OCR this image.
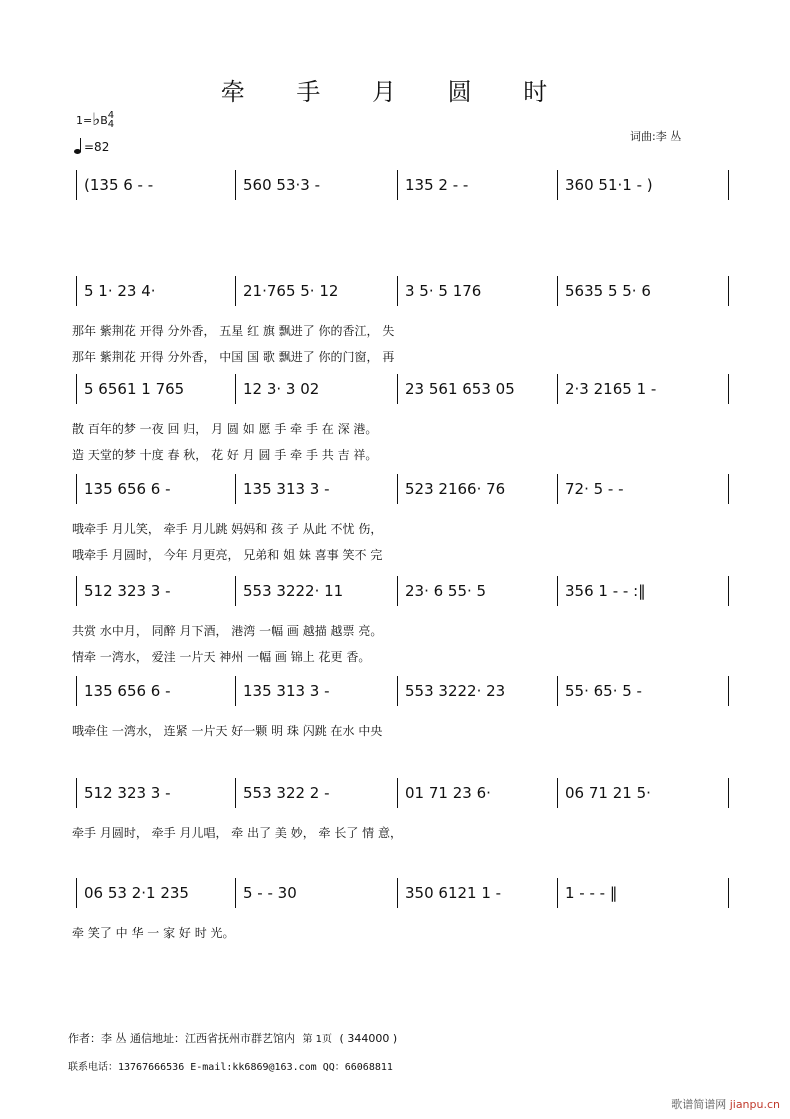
牵 手 月 圆 时
1=♭B4
4
=82
词曲:李 丛
(135 6 - -	560 53·3 -	135 2 - -	360 51·1 - )
5 1· 23 4·	21·765 5· 12	3 5· 5 176	5635 5 5· 6
那年 紫荆花 开得 分外香， 五星 红 旗 飘进了 你的香江， 失
那年 紫荆花 开得 分外香， 中国 国 歌 飘进了 你的门窗， 再
5 6561 1 765	12 3· 3 02	23 561 653 05	2·3 2165 1 -
散 百年的梦 一夜 回 归， 月 圆 如 愿 手 牵 手 在 深 港。
造 天堂的梦 十度 春 秋， 花 好 月 圆 手 牵 手 共 吉 祥。
135 656 6 -	135 313 3 -	523 2166· 76	72· 5 - -
哦牵手 月儿笑， 牵手 月儿跳 妈妈和 孩 子 从此 不忧 伤，
哦牵手 月圆时， 今年 月更亮， 兄弟和 姐 妹 喜事 笑不 完
512 323 3 -	553 3222· 11	23· 6 55· 5	356 1 - - :‖
共赏 水中月， 同醉 月下酒， 港湾 一幅 画 越描 越票 亮。
情牵 一湾水， 爱洼 一片天 神州 一幅 画 锦上 花更 香。
135 656 6 -	135 313 3 -	553 3222· 23	55· 65· 5 -
哦牵住 一湾水， 连紧 一片天 好一颗 明 珠 闪跳 在水 中央
512 323 3 -	553 322 2 -	01 71 23 6·	06 71 21 5·
牵手 月圆时， 牵手 月儿唱， 牵 出了 美 妙， 牵 长了 情 意，
06 53 2·1 235	5 - - 30	350 6121 1 -	1 - - - ‖
牵 笑了 中 华 一 家 好 时 光。
作者：李 丛 通信地址：江西省抚州市群艺馆内 第 1页 ( 344000 )
联系电话：13767666536 E-mail:kk6869@163.com QQ：66068811
歌谱简谱网 jianpu.cn
